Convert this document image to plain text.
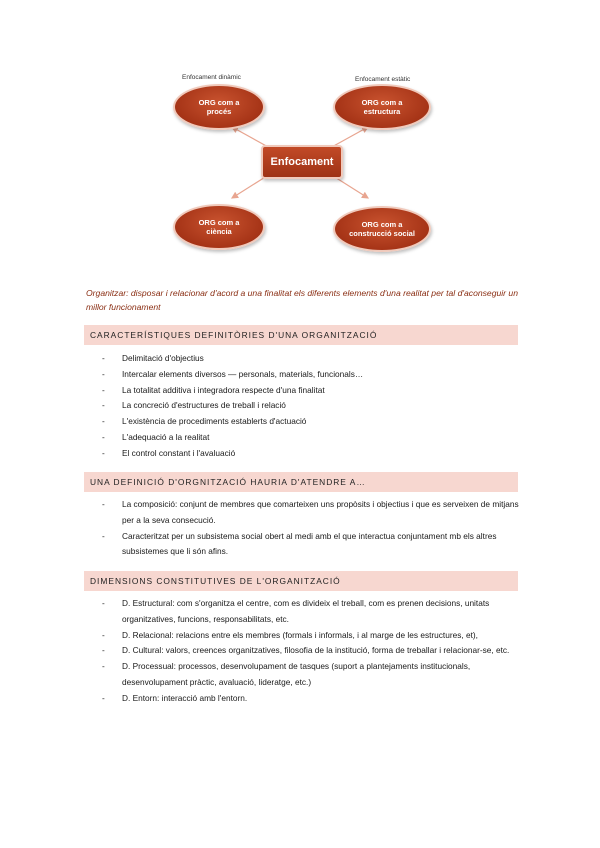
Enfocament dinàmic	Enfocament estàtic
ORG com a
procés
ORG com a
estructura
ORG com a
ciència
ORG com a
construcció social
Enfocament
Organitzar: disposar i relacionar d'acord a una finalitat els diferents elements d'una realitat per tal d'aconseguir un millor funcionament
CARACTERÍSTIQUES DEFINITÒRIES D'UNA ORGANITZACIÓ
- Delimitació d'objectius
- Intercalar elements diversos — personals, materials, funcionals…
- La totalitat additiva i integradora respecte d'una finalitat
- La concreció d'estructures de treball i relació
- L'existència de procediments establerts d'actuació
- L'adequació a la realitat
- El control constant i l'avaluació
UNA DEFINICIÓ D'ORGNITZACIÓ HAURIA D'ATENDRE A…
- La composició: conjunt de membres que comarteixen uns propòsits i objectius i que es serveixen de mitjans per a la seva consecució.
- Caracteritzat per un subsistema social obert al medi amb el que interactua conjuntament mb els altres subsistemes que li són afins.
DIMENSIONS CONSTITUTIVES DE L'ORGANITZACIÓ
- D. Estructural: com s'organitza el centre, com es divideix el treball, com es prenen decisions, unitats organitzatives, funcions, responsabilitats, etc.
- D. Relacional: relacions entre els membres (formals i informals, i al marge de les estructures, et),
- D. Cultural: valors, creences organitzatives, filosofia de la institució, forma de treballar i relacionar-se, etc.
- D. Processual: processos, desenvolupament de tasques (suport a plantejaments institucionals, desenvolupament pràctic, avaluació, lideratge, etc.)
- D. Entorn: interacció amb l'entorn.
